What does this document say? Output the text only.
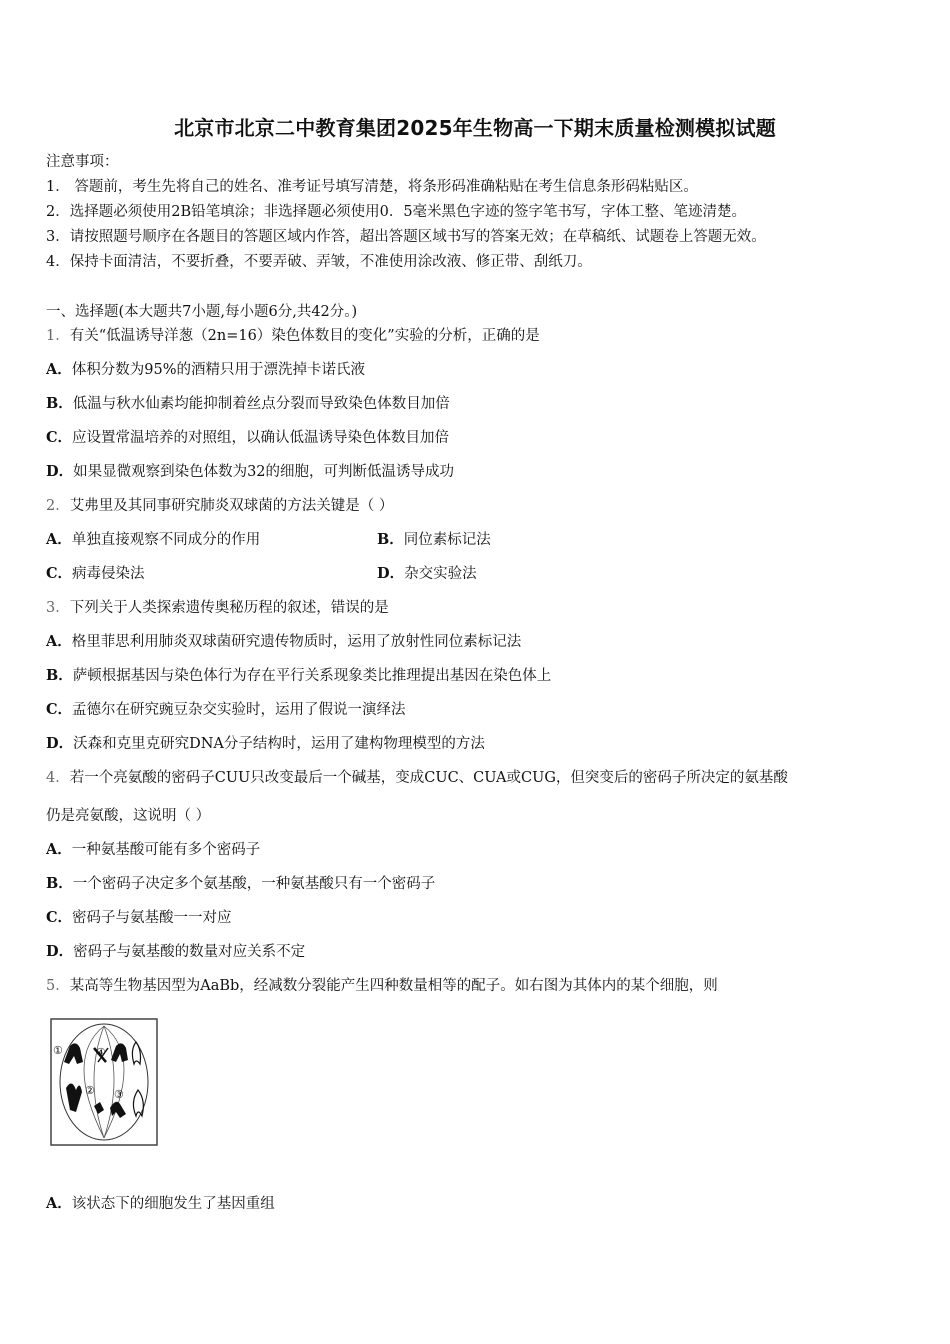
北京市北京二中教育集团2025年生物高一下期末质量检测模拟试题
注意事项：
1． 答题前，考生先将自己的姓名、准考证号填写清楚，将条形码准确粘贴在考生信息条形码粘贴区。
2．选择题必须使用2B铅笔填涂；非选择题必须使用0．5毫米黑色字迹的签字笔书写，字体工整、笔迹清楚。
3．请按照题号顺序在各题目的答题区域内作答，超出答题区域书写的答案无效；在草稿纸、试题卷上答题无效。
4．保持卡面清洁，不要折叠，不要弄破、弄皱，不准使用涂改液、修正带、刮纸刀。
一、选择题(本大题共7小题,每小题6分,共42分。)
1．有关“低温诱导洋葱（2n=16）染色体数目的变化”实验的分析，正确的是
A．体积分数为95%的酒精只用于漂洗掉卡诺氏液
B．低温与秋水仙素均能抑制着丝点分裂而导致染色体数目加倍
C．应设置常温培养的对照组，以确认低温诱导染色体数目加倍
D．如果显微观察到染色体数为32的细胞，可判断低温诱导成功
2．艾弗里及其同事研究肺炎双球菌的方法关键是（ ）
A．单独直接观察不同成分的作用	B．同位素标记法
C．病毒侵染法	D．杂交实验法
3．下列关于人类探索遗传奥秘历程的叙述，错误的是
A．格里菲思利用肺炎双球菌研究遗传物质时，运用了放射性同位素标记法
B．萨顿根据基因与染色体行为存在平行关系现象类比推理提出基因在染色体上
C．孟德尔在研究豌豆杂交实验时，运用了假说一演绎法
D．沃森和克里克研究DNA分子结构时，运用了建构物理模型的方法
4．若一个亮氨酸的密码子CUU只改变最后一个碱基，变成CUC、CUA或CUG，但突变后的密码子所决定的氨基酸
仍是亮氨酸，这说明（ ）
A．一种氨基酸可能有多个密码子
B．一个密码子决定多个氨基酸，一种氨基酸只有一个密码子
C．密码子与氨基酸一一对应
D．密码子与氨基酸的数量对应关系不定
5．某高等生物基因型为AaBb，经减数分裂能产生四种数量相等的配子。如右图为其体内的某个细胞，则
①
② ③
④
A．该状态下的细胞发生了基因重组
